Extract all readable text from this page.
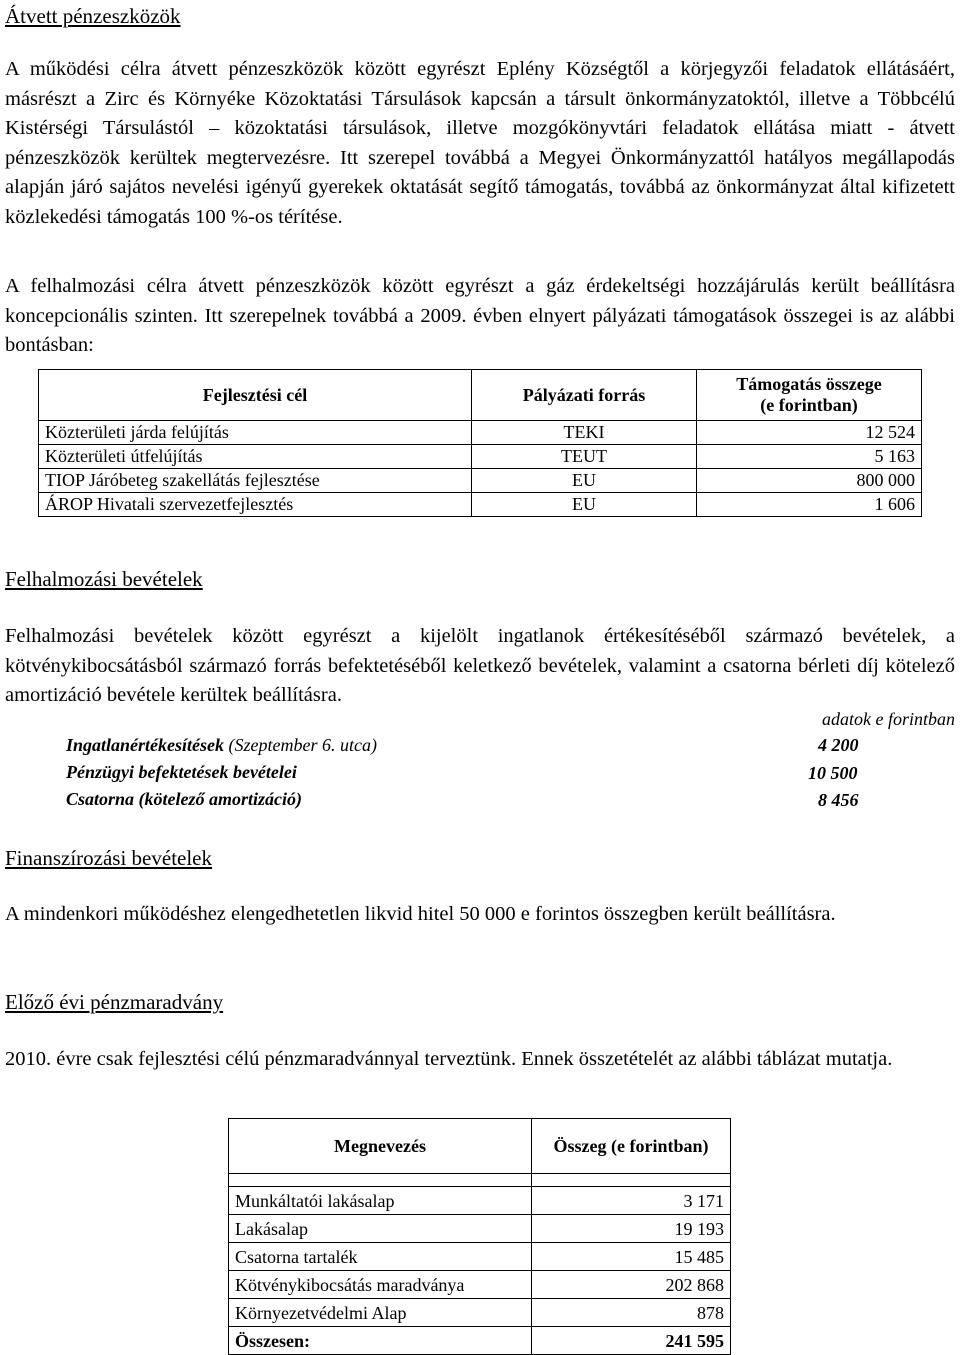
Átvett pénzeszközök

A működési célra átvett pénzeszközök között egyrészt Eplény Községtől a körjegyzői feladatok ellátásáért, másrészt a Zirc és Környéke Közoktatási Társulások kapcsán a társult önkormányzatoktól, illetve a Többcélú Kistérségi Társulástól – közoktatási társulások, illetve mozgókönyvtári feladatok ellátása miatt - átvett pénzeszközök kerültek megtervezésre. Itt szerepel továbbá a Megyei Önkormányzattól hatályos megállapodás alapján járó sajátos nevelési igényű gyerekek oktatását segítő támogatás, továbbá az önkormányzat által kifizetett közlekedési támogatás 100 %-os térítése.

A felhalmozási célra átvett pénzeszközök között egyrészt a gáz érdekeltségi hozzájárulás került beállításra koncepcionális szinten. Itt szerepelnek továbbá a 2009. évben elnyert pályázati támogatások összegei is az alábbi bontásban:

Fejlesztési cél	Pályázati forrás	Támogatás összege
(e forintban)
Közterületi járda felújítás	TEKI	12 524
Közterületi útfelújítás	TEUT	5 163
TIOP Járóbeteg szakellátás fejlesztése	EU	800 000
ÁROP Hivatali szervezetfejlesztés	EU	1 606
Felhalmozási bevételek

Felhalmozási bevételek között egyrészt a kijelölt ingatlanok értékesítéséből származó bevételek, a kötvénykibocsátásból származó forrás befektetéséből keletkező bevételek, valamint a csatorna bérleti díj kötelező amortizáció bevétele kerültek beállításra.

adatok e forintban
Ingatlanértékesítések (Szeptember 6. utca)	4 200
Pénzügyi befektetések bevételei	10 500
Csatorna (kötelező amortizáció)	8 456
Finanszírozási bevételek

A mindenkori működéshez elengedhetetlen likvid hitel 50 000 e forintos összegben került beállításra.

Előző évi pénzmaradvány

2010. évre csak fejlesztési célú pénzmaradvánnyal terveztünk. Ennek összetételét az alábbi táblázat mutatja.

Megnevezés	Összeg (e forintban)

Munkáltatói lakásalap	3 171
Lakásalap	19 193
Csatorna tartalék	15 485
Kötvénykibocsátás maradványa	202 868
Környezetvédelmi Alap	878
Összesen:	241 595
